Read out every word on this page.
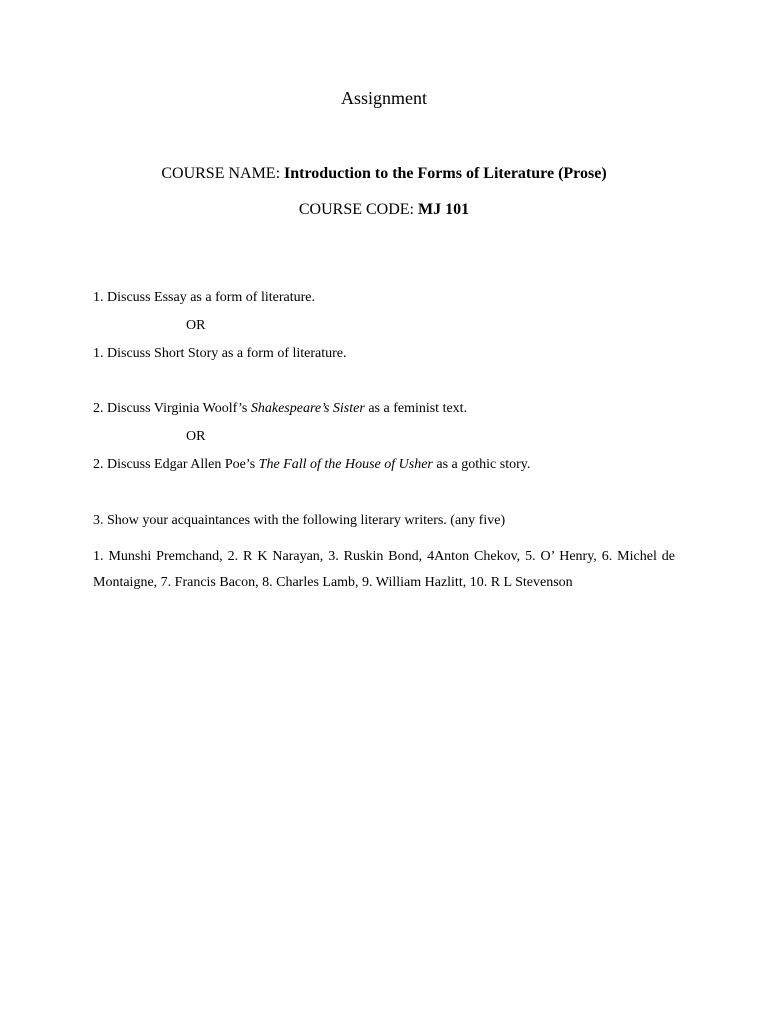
Assignment
COURSE NAME: Introduction to the Forms of Literature (Prose)
COURSE CODE: MJ 101
1. Discuss Essay as a form of literature.
OR
1. Discuss Short Story as a form of literature.
2. Discuss Virginia Woolf’s Shakespeare’s Sister as a feminist text.
OR
2. Discuss Edgar Allen Poe’s The Fall of the House of Usher as a gothic story.
3. Show your acquaintances with the following literary writers. (any five)
1. Munshi Premchand, 2. R K Narayan, 3. Ruskin Bond, 4Anton Chekov, 5. O’ Henry, 6. Michel de Montaigne, 7. Francis Bacon, 8. Charles Lamb, 9. William Hazlitt, 10. R L Stevenson
